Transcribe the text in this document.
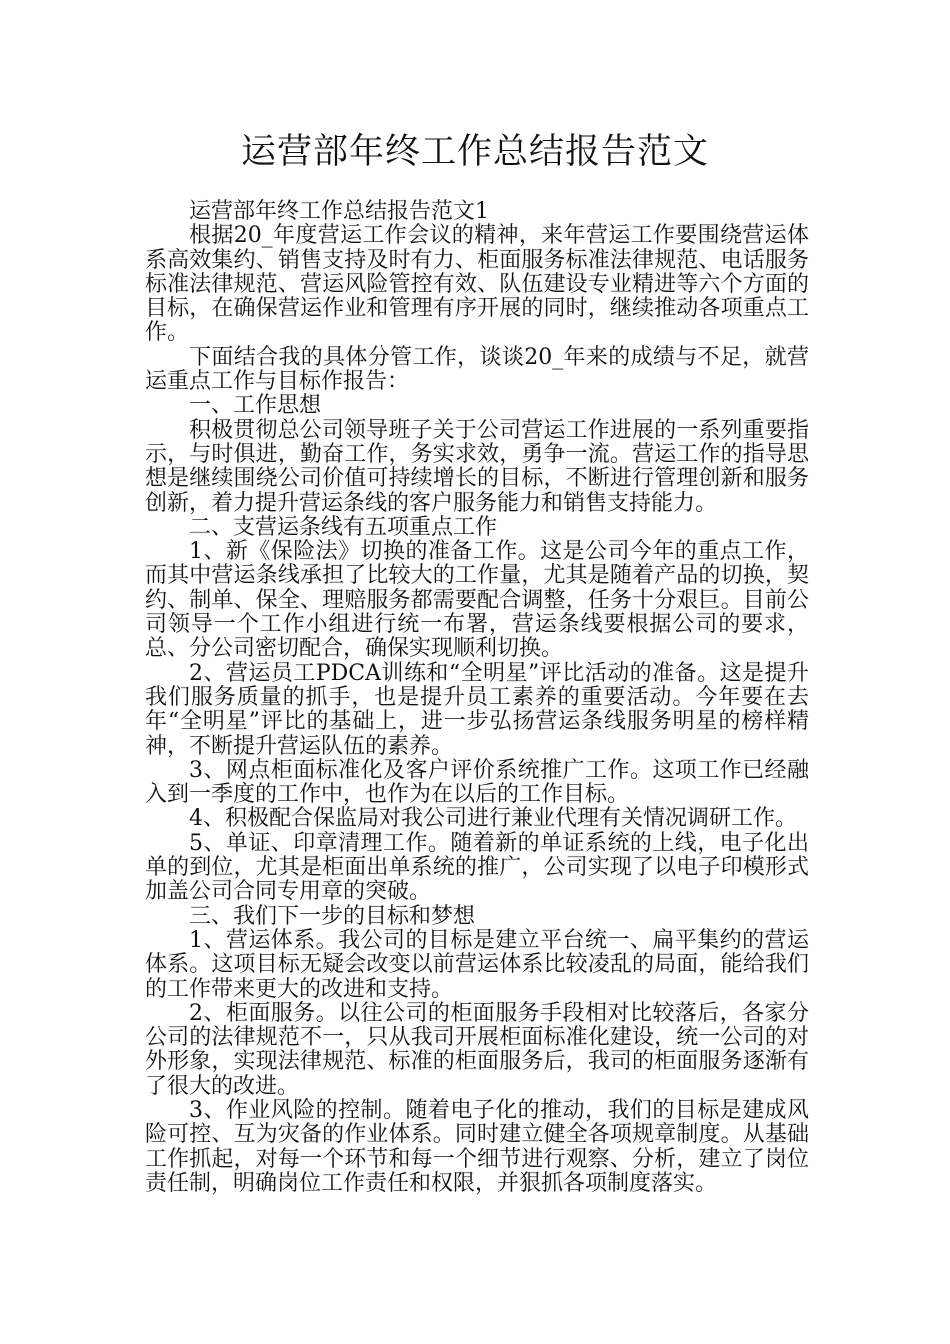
运营部年终工作总结报告范文

运营部年终工作总结报告范文1

根据20_年度营运工作会议的精神，来年营运工作要围绕营运体系高效集约、销售支持及时有力、柜面服务标准法律规范、电话服务标准法律规范、营运风险管控有效、队伍建设专业精进等六个方面的目标，在确保营运作业和管理有序开展的同时，继续推动各项重点工作。

下面结合我的具体分管工作，谈谈20_年来的成绩与不足，就营运重点工作与目标作报告：

一、工作思想

积极贯彻总公司领导班子关于公司营运工作进展的一系列重要指示，与时俱进，勤奋工作，务实求效，勇争一流。营运工作的指导思想是继续围绕公司价值可持续增长的目标，不断进行管理创新和服务创新，着力提升营运条线的客户服务能力和销售支持能力。

二、支营运条线有五项重点工作

1、新《保险法》切换的准备工作。这是公司今年的重点工作，而其中营运条线承担了比较大的工作量，尤其是随着产品的切换，契约、制单、保全、理赔服务都需要配合调整，任务十分艰巨。目前公司领导一个工作小组进行统一布署，营运条线要根据公司的要求，总、分公司密切配合，确保实现顺利切换。

2、营运员工PDCA训练和“全明星”评比活动的准备。这是提升我们服务质量的抓手，也是提升员工素养的重要活动。今年要在去年“全明星”评比的基础上，进一步弘扬营运条线服务明星的榜样精神，不断提升营运队伍的素养。

3、网点柜面标准化及客户评价系统推广工作。这项工作已经融入到一季度的工作中，也作为在以后的工作目标。

4、积极配合保监局对我公司进行兼业代理有关情况调研工作。

5、单证、印章清理工作。随着新的单证系统的上线，电子化出单的到位，尤其是柜面出单系统的推广，公司实现了以电子印模形式加盖公司合同专用章的突破。

三、我们下一步的目标和梦想

1、营运体系。我公司的目标是建立平台统一、扁平集约的营运体系。这项目标无疑会改变以前营运体系比较凌乱的局面，能给我们的工作带来更大的改进和支持。

2、柜面服务。以往公司的柜面服务手段相对比较落后，各家分公司的法律规范不一，只从我司开展柜面标准化建设，统一公司的对外形象，实现法律规范、标准的柜面服务后，我司的柜面服务逐渐有了很大的改进。

3、作业风险的控制。随着电子化的推动，我们的目标是建成风险可控、互为灾备的作业体系。同时建立健全各项规章制度。从基础工作抓起，对每一个环节和每一个细节进行观察、分析，建立了岗位责任制，明确岗位工作责任和权限，并狠抓各项制度落实。
